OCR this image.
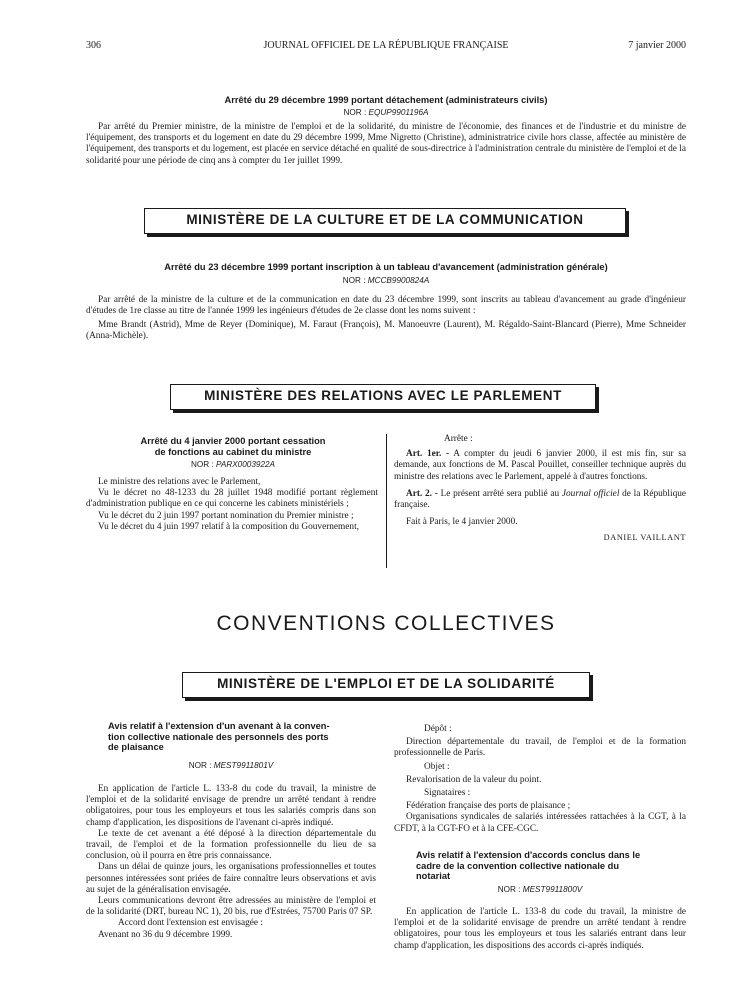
306	JOURNAL OFFICIEL DE LA RÉPUBLIQUE FRANÇAISE	7 janvier 2000
Arrêté du 29 décembre 1999 portant détachement (administrateurs civils)
NOR : EQUP9901196A

Par arrêté du Premier ministre, de la ministre de l'emploi et de la solidarité, du ministre de l'économie, des finances et de l'industrie et du ministre de l'équipement, des transports et du logement en date du 29 décembre 1999, Mme Nigretto (Christine), administratrice civile hors classe, affectée au ministère de l'équipement, des transports et du logement, est placée en service détaché en qualité de sous-directrice à l'administration centrale du ministère de l'emploi et de la solidarité pour une période de cinq ans à compter du 1er juillet 1999.

MINISTÈRE DE LA CULTURE ET DE LA COMMUNICATION
Arrêté du 23 décembre 1999 portant inscription à un tableau d'avancement (administration générale)
NOR : MCCB9900824A

Par arrêté de la ministre de la culture et de la communication en date du 23 décembre 1999, sont inscrits au tableau d'avancement au grade d'ingénieur d'études de 1re classe au titre de l'année 1999 les ingénieurs d'études de 2e classe dont les noms suivent :

Mme Brandt (Astrid), Mme de Reyer (Dominique), M. Faraut (François), M. Manoeuvre (Laurent), M. Régaldo-Saint-Blancard (Pierre), Mme Schneider (Anna-Michèle).

MINISTÈRE DES RELATIONS AVEC LE PARLEMENT
Arrêté du 4 janvier 2000 portant cessation
de fonctions au cabinet du ministre
NOR : PARX0003922A

Le ministre des relations avec le Parlement,

Vu le décret no 48-1233 du 28 juillet 1948 modifié portant règlement d'administration publique en ce qui concerne les cabinets ministériels ;

Vu le décret du 2 juin 1997 portant nomination du Premier ministre ;

Vu le décret du 4 juin 1997 relatif à la composition du Gouvernement,

Arrête :

Art. 1er. - A compter du jeudi 6 janvier 2000, il est mis fin, sur sa demande, aux fonctions de M. Pascal Pouillet, conseiller technique auprès du ministre des relations avec le Parlement, appelé à d'autres fonctions.

Art. 2. - Le présent arrêté sera publié au Journal officiel de la République française.

Fait à Paris, le 4 janvier 2000.

DANIEL VAILLANT

CONVENTIONS COLLECTIVES
MINISTÈRE DE L'EMPLOI ET DE LA SOLIDARITÉ
Avis relatif à l'extension d'un avenant à la conven-
tion collective nationale des personnels des ports
de plaisance
NOR : MEST9911801V

En application de l'article L. 133-8 du code du travail, la ministre de l'emploi et de la solidarité envisage de prendre un arrêté tendant à rendre obligatoires, pour tous les employeurs et tous les salariés compris dans son champ d'application, les dispositions de l'avenant ci-après indiqué.

Le texte de cet avenant a été déposé à la direction départementale du travail, de l'emploi et de la formation professionnelle du lieu de sa conclusion, où il pourra en être pris connaissance.

Dans un délai de quinze jours, les organisations professionnelles et toutes personnes intéressées sont priées de faire connaître leurs observations et avis au sujet de la généralisation envisagée.

Leurs communications devront être adressées au ministère de l'emploi et de la solidarité (DRT, bureau NC 1), 20 bis, rue d'Estrées, 75700 Paris 07 SP.

Accord dont l'extension est envisagée :

Avenant no 36 du 9 décembre 1999.

Dépôt :

Direction départementale du travail, de l'emploi et de la formation professionnelle de Paris.

Objet :

Revalorisation de la valeur du point.

Signataires :

Fédération française des ports de plaisance ;

Organisations syndicales de salariés intéressées rattachées à la CGT, à la CFDT, à la CGT-FO et à la CFE-CGC.

Avis relatif à l'extension d'accords conclus dans le
cadre de la convention collective nationale du
notariat
NOR : MEST9911800V

En application de l'article L. 133-8 du code du travail, la ministre de l'emploi et de la solidarité envisage de prendre un arrêté tendant à rendre obligatoires, pour tous les employeurs et tous les salariés entrant dans leur champ d'application, les dispositions des accords ci-après indiqués.
